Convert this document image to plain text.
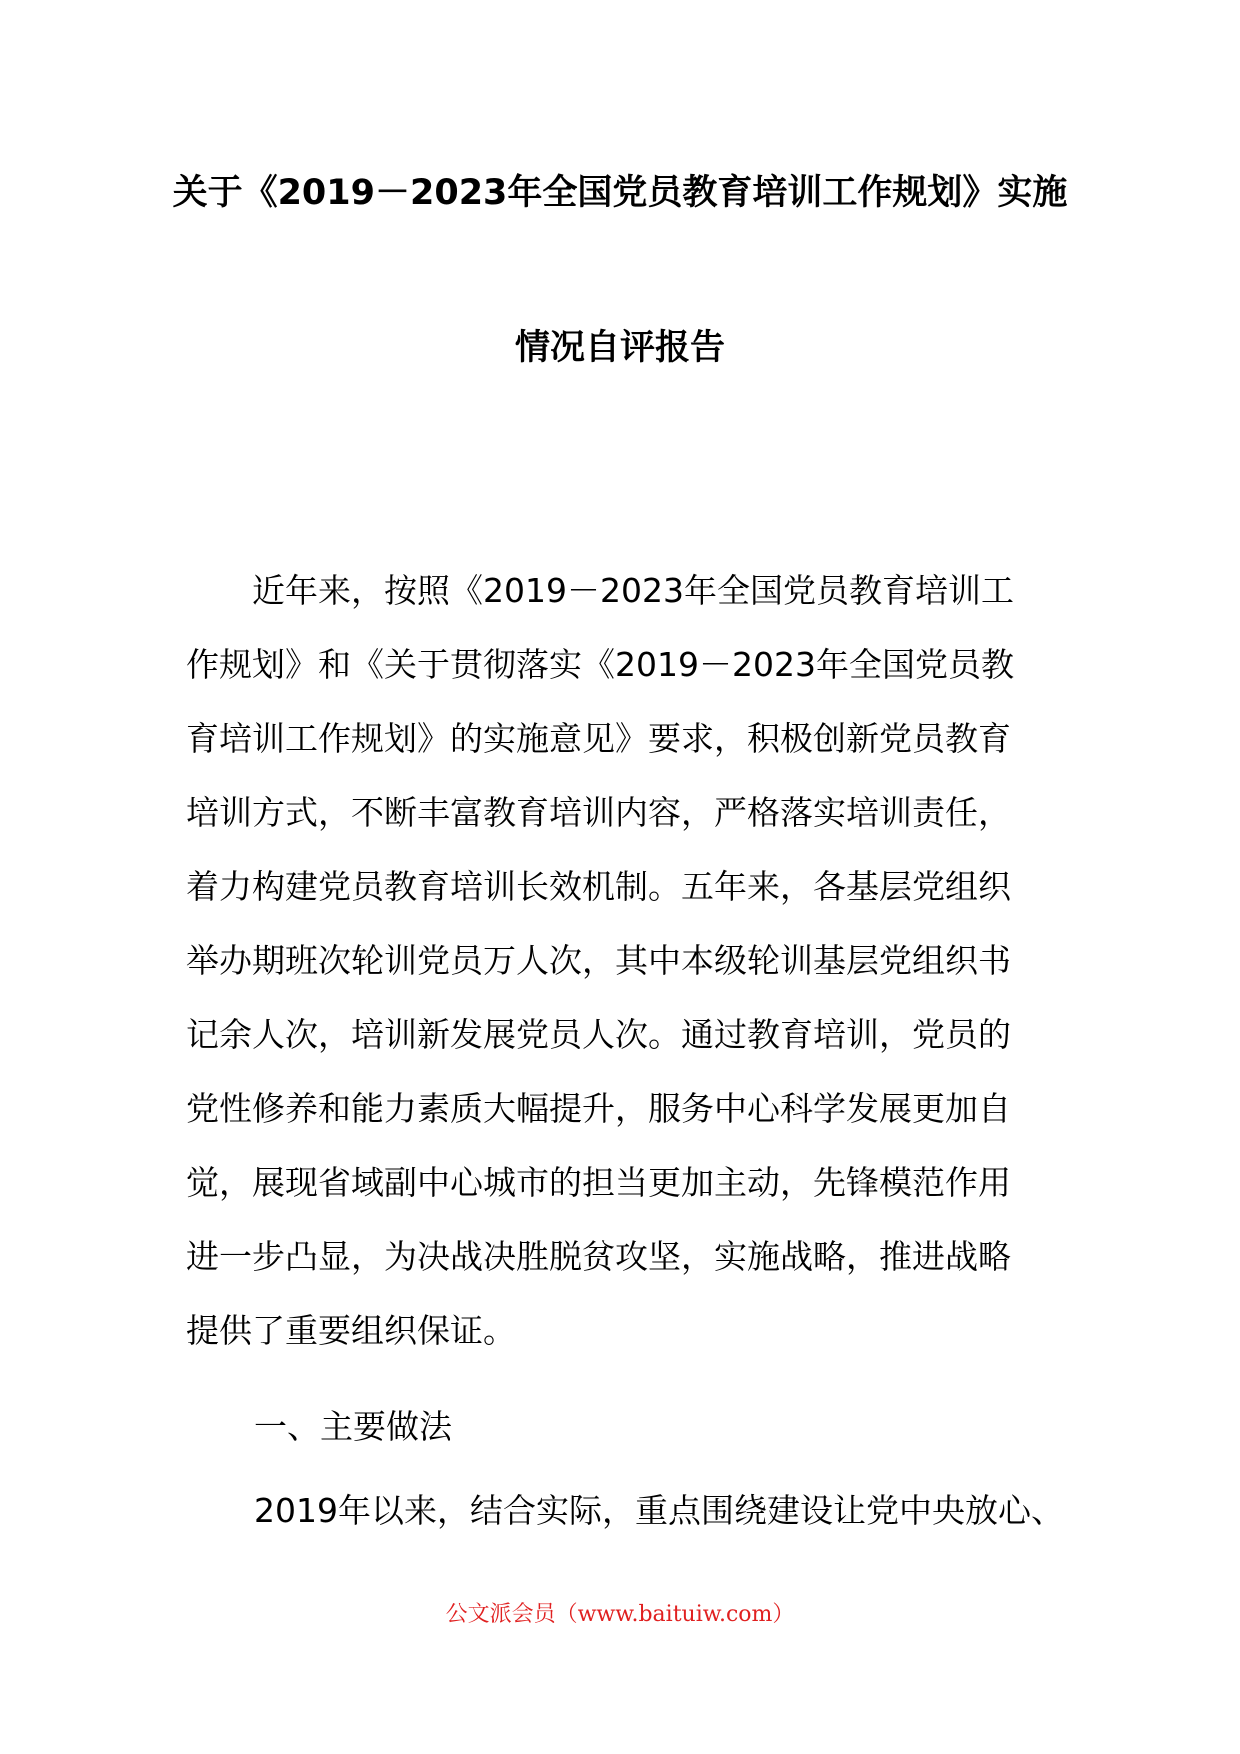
关于《2019－2023年全国党员教育培训工作规划》实施
情况自评报告
　　近年来，按照《2019－2023年全国党员教育培训工
作规划》和《关于贯彻落实《2019－2023年全国党员教
育培训工作规划》的实施意见》要求，积极创新党员教育
培训方式，不断丰富教育培训内容，严格落实培训责任，
着力构建党员教育培训长效机制。五年来，各基层党组织
举办期班次轮训党员万人次，其中本级轮训基层党组织书
记余人次，培训新发展党员人次。通过教育培训，党员的
党性修养和能力素质大幅提升，服务中心科学发展更加自
觉，展现省域副中心城市的担当更加主动，先锋模范作用
进一步凸显，为决战决胜脱贫攻坚，实施战略，推进战略
提供了重要组织保证。
一、主要做法
2019年以来，结合实际，重点围绕建设让党中央放心、
公文派会员（www.baituiw.com）
